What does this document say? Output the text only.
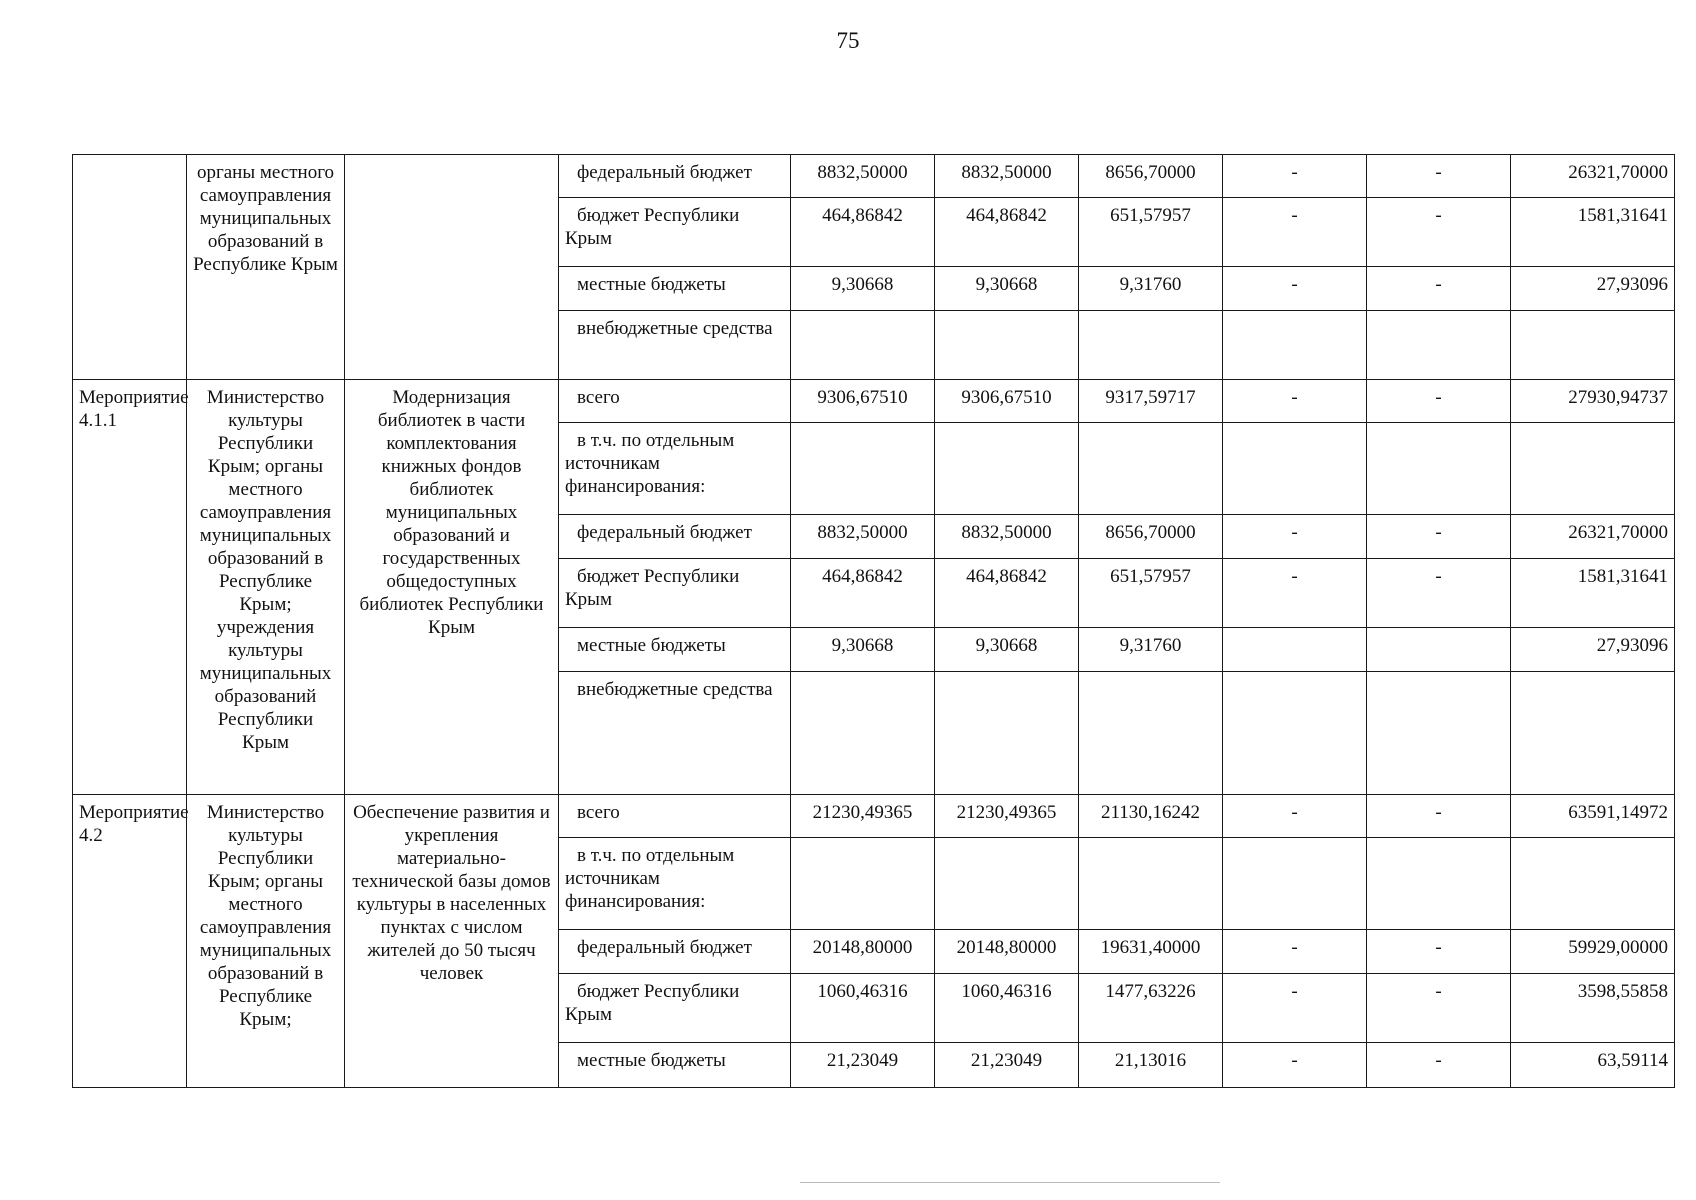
75
	органы местного самоуправления муниципальных образований в Республике Крым		федеральный бюджет	8832,50000	8832,50000	8656,70000	-	-	26321,70000
			бюджет Республики Крым	464,86842	464,86842	651,57957	-	-	1581,31641
			местные бюджеты	9,30668	9,30668	9,31760	-	-	27,93096
			внебюджетные средства						
Мероприятие 4.1.1	Министерство культуры Республики Крым; органы местного самоуправления муниципальных образований в Республике Крым; учреждения культуры муниципальных образований Республики Крым	Модернизация библиотек в части комплектования книжных фондов библиотек муниципальных образований и государственных общедоступных библиотек Республики Крым	всего	9306,67510	9306,67510	9317,59717	-	-	27930,94737
			в т.ч. по отдельным источникам финансирования:						
			федеральный бюджет	8832,50000	8832,50000	8656,70000	-	-	26321,70000
			бюджет Республики Крым	464,86842	464,86842	651,57957	-	-	1581,31641
			местные бюджеты	9,30668	9,30668	9,31760			27,93096
			внебюджетные средства						
Мероприятие 4.2	Министерство культуры Республики Крым; органы местного самоуправления муниципальных образований в Республике Крым;	Обеспечение развития и укрепления материально-технической базы домов культуры в населенных пунктах с числом жителей до 50 тысяч человек	всего	21230,49365	21230,49365	21130,16242	-	-	63591,14972
			в т.ч. по отдельным источникам финансирования:						
			федеральный бюджет	20148,80000	20148,80000	19631,40000	-	-	59929,00000
			бюджет Республики Крым	1060,46316	1060,46316	1477,63226	-	-	3598,55858
			местные бюджеты	21,23049	21,23049	21,13016	-	-	63,59114
